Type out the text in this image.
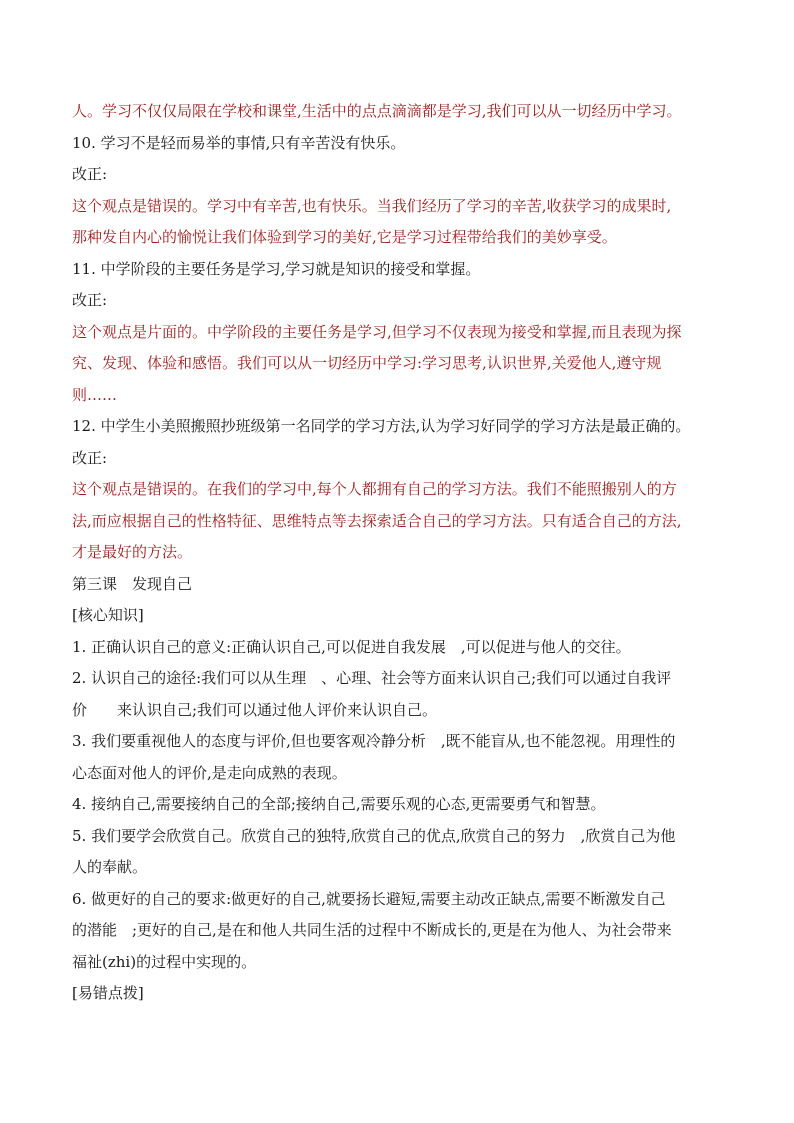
人。学习不仅仅局限在学校和课堂,生活中的点点滴滴都是学习,我们可以从一切经历中学习。
10. 学习不是轻而易举的事情,只有辛苦没有快乐。
改正:
这个观点是错误的。学习中有辛苦,也有快乐。当我们经历了学习的辛苦,收获学习的成果时,
那种发自内心的愉悦让我们体验到学习的美好,它是学习过程带给我们的美妙享受。
11. 中学阶段的主要任务是学习,学习就是知识的接受和掌握。
改正:
这个观点是片面的。中学阶段的主要任务是学习,但学习不仅表现为接受和掌握,而且表现为探
究、发现、体验和感悟。我们可以从一切经历中学习:学习思考,认识世界,关爱他人,遵守规
则……
12. 中学生小美照搬照抄班级第一名同学的学习方法,认为学习好同学的学习方法是最正确的。
改正:
这个观点是错误的。在我们的学习中,每个人都拥有自己的学习方法。我们不能照搬别人的方
法,而应根据自己的性格特征、思维特点等去探索适合自己的学习方法。只有适合自己的方法,
才是最好的方法。
第三课　发现自己
[核心知识]
1. 正确认识自己的意义:正确认识自己,可以促进自我发展　,可以促进与他人的交往。
2. 认识自己的途径:我们可以从生理　、心理、社会等方面来认识自己;我们可以通过自我评
价　　来认识自己;我们可以通过他人评价来认识自己。
3. 我们要重视他人的态度与评价,但也要客观冷静分析　,既不能盲从,也不能忽视。用理性的
心态面对他人的评价,是走向成熟的表现。
4. 接纳自己,需要接纳自己的全部;接纳自己,需要乐观的心态,更需要勇气和智慧。
5. 我们要学会欣赏自己。欣赏自己的独特,欣赏自己的优点,欣赏自己的努力　,欣赏自己为他
人的奉献。
6. 做更好的自己的要求:做更好的自己,就要扬长避短,需要主动改正缺点,需要不断激发自己
的潜能　;更好的自己,是在和他人共同生活的过程中不断成长的,更是在为他人、为社会带来
福祉(zhi)的过程中实现的。
[易错点拨]
